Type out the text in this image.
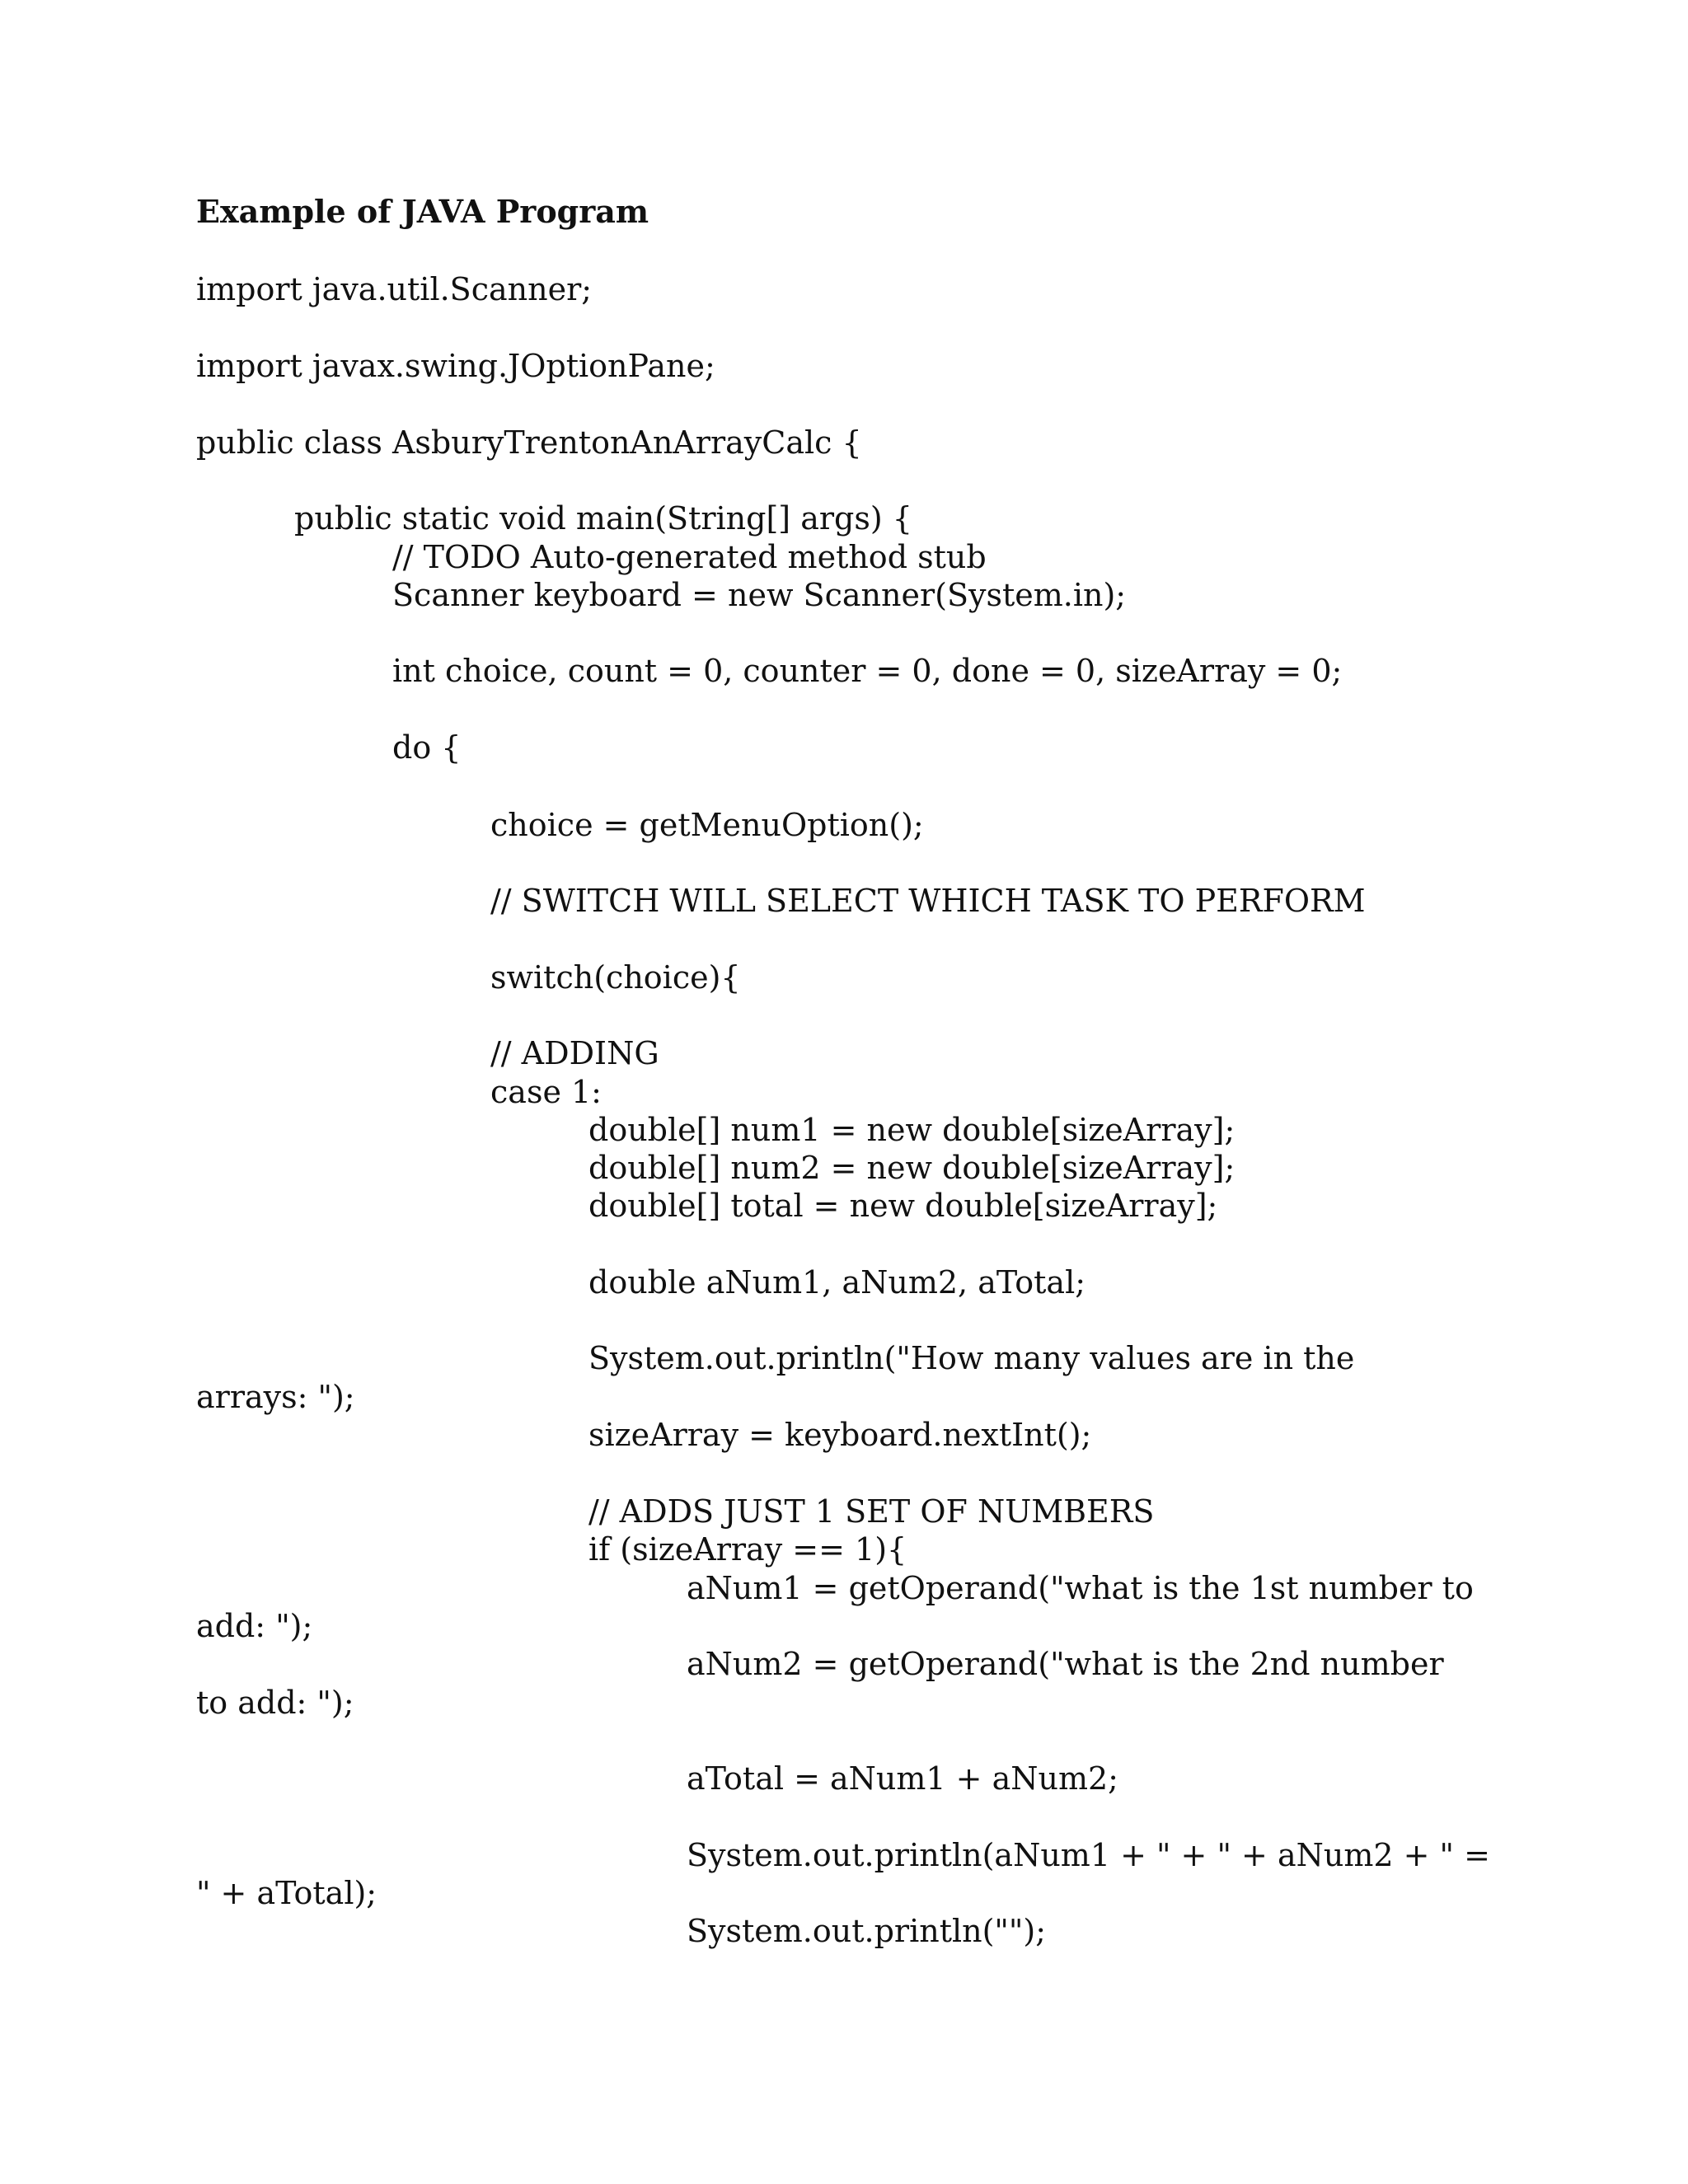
Example of JAVA Program
import java.util.Scanner;
import javax.swing.JOptionPane;
public class AsburyTrentonAnArrayCalc {
public static void main(String[] args) {
// TODO Auto-generated method stub
Scanner keyboard = new Scanner(System.in);
int choice, count = 0, counter = 0, done = 0, sizeArray = 0;
do {
choice = getMenuOption();
// SWITCH WILL SELECT WHICH TASK TO PERFORM
switch(choice){
// ADDING
case 1:
double[] num1 = new double[sizeArray];
double[] num2 = new double[sizeArray];
double[] total = new double[sizeArray];
double aNum1, aNum2, aTotal;
System.out.println("How many values are in the
arrays: ");
sizeArray = keyboard.nextInt();
// ADDS JUST 1 SET OF NUMBERS
if (sizeArray == 1){
aNum1 = getOperand("what is the 1st number to
add: ");
aNum2 = getOperand("what is the 2nd number
to add: ");
aTotal = aNum1 + aNum2;
System.out.println(aNum1 + " + " + aNum2 + " =
" + aTotal);
System.out.println("");
